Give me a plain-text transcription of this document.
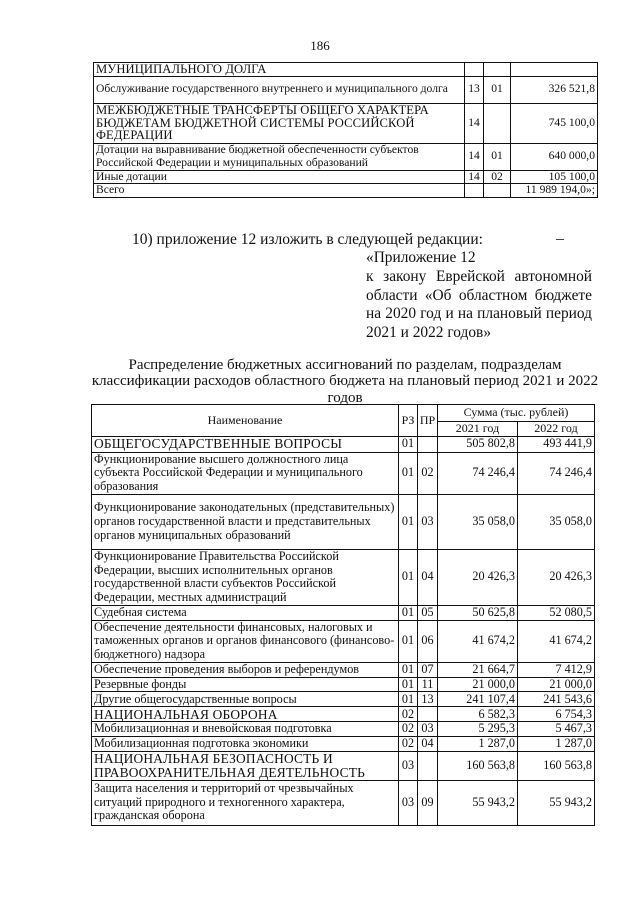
186
МУНИЦИПАЛЬНОГО ДОЛГА			
Обслуживание государственного внутреннего и муниципального долга	13	01	326 521,8
МЕЖБЮДЖЕТНЫЕ ТРАНСФЕРТЫ ОБЩЕГО ХАРАКТЕРА БЮДЖЕТАМ БЮДЖЕТНОЙ СИСТЕМЫ РОССИЙСКОЙ ФЕДЕРАЦИИ	14		745 100,0
Дотации на выравнивание бюджетной обеспеченности субъектов Российской Федерации и муниципальных образований	14	01	640 000,0
Иные дотации	14	02	105 100,0
Всего			11 989 194,0»;
10) приложение 12 изложить в следующей редакции:
«Приложение 12
к закону Еврейской автономной области «Об областном бюджете на 2020 год и на плановый период 2021 и 2022 годов»
Распределение бюджетных ассигнований по разделам, подразделам классификации расходов областного бюджета на плановый период 2021 и 2022 годов
Наименование	РЗ	ПР	Сумма (тыс. рублей)	
			2021 год	2022 год
ОБЩЕГОСУДАРСТВЕННЫЕ ВОПРОСЫ	01		505 802,8	493 441,9
Функционирование высшего должностного лица субъекта Российской Федерации и муниципального образования	01	02	74 246,4	74 246,4
Функционирование законодательных (представительных) органов государственной власти и представительных органов муниципальных образований	01	03	35 058,0	35 058,0
Функционирование Правительства Российской Федерации, высших исполнительных органов государственной власти субъектов Российской Федерации, местных администраций	01	04	20 426,3	20 426,3
Судебная система	01	05	50 625,8	52 080,5
Обеспечение деятельности финансовых, налоговых и таможенных органов и органов финансового (финансово-бюджетного) надзора	01	06	41 674,2	41 674,2
Обеспечение проведения выборов и референдумов	01	07	21 664,7	7 412,9
Резервные фонды	01	11	21 000,0	21 000,0
Другие общегосударственные вопросы	01	13	241 107,4	241 543,6
НАЦИОНАЛЬНАЯ ОБОРОНА	02		6 582,3	6 754,3
Мобилизационная и вневойсковая подготовка	02	03	5 295,3	5 467,3
Мобилизационная подготовка экономики	02	04	1 287,0	1 287,0
НАЦИОНАЛЬНАЯ БЕЗОПАСНОСТЬ И ПРАВООХРАНИТЕЛЬНАЯ ДЕЯТЕЛЬНОСТЬ	03		160 563,8	160 563,8
Защита населения и территорий от чрезвычайных ситуаций природного и техногенного характера, гражданская оборона	03	09	55 943,2	55 943,2
